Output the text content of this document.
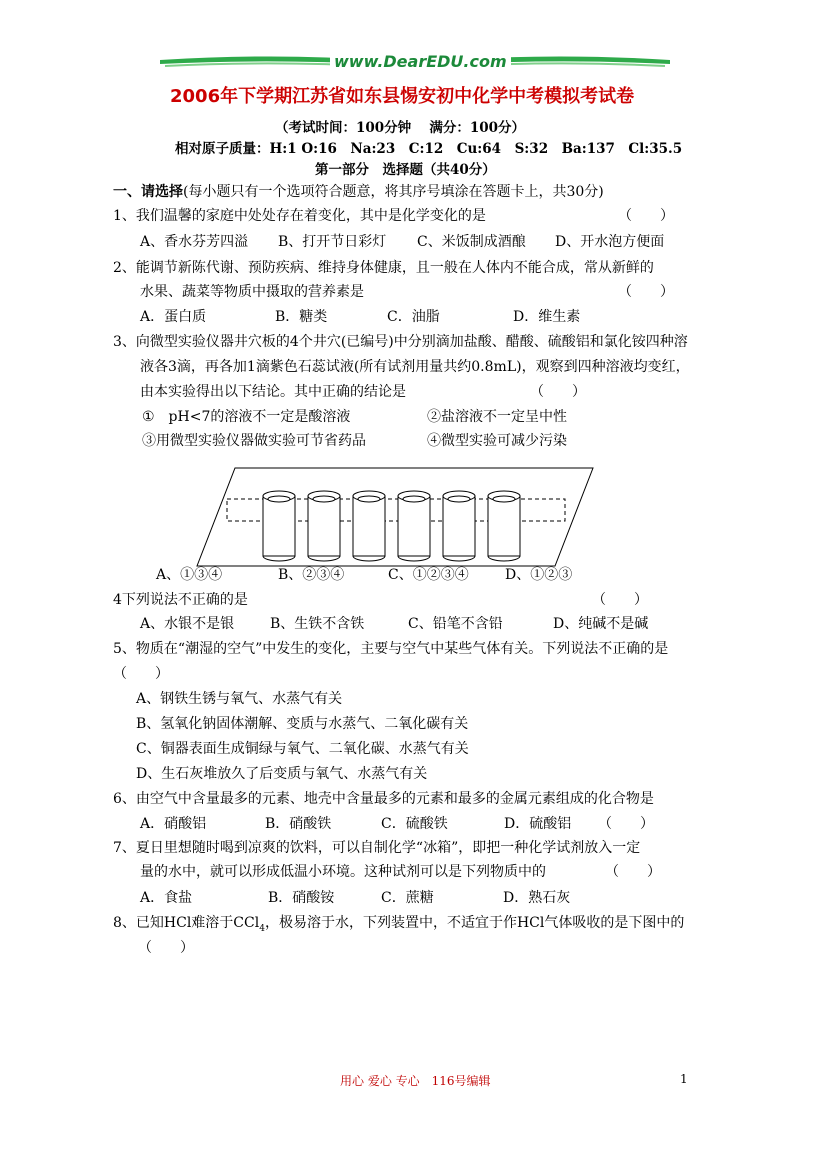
www.DearEDU.com
2006年下学期江苏省如东县惕安初中化学中考模拟考试卷
（考试时间：100分钟　 满分：100分）
相对原子质量：H:1 O:16　Na:23　C:12　Cu:64　S:32　Ba:137　Cl:35.5
第一部分　选择题（共40分）
一、请选择(每小题只有一个选项符合题意，将其序号填涂在答题卡上，共30分)
1、我们温馨的家庭中处处存在着变化，其中是化学变化的是	（　　）
A、香水芬芳四溢 B、打开节日彩灯 C、米饭制成酒酿 D、开水泡方便面
2、能调节新陈代谢、预防疾病、维持身体健康，且一般在人体内不能合成，常从新鲜的
水果、蔬菜等物质中摄取的营养素是	（　　）
A．蛋白质	B．糖类	C．油脂	D．维生素
3、向微型实验仪器井穴板的4个井穴(已编号)中分别滴加盐酸、醋酸、硫酸铝和氯化铵四种溶
液各3滴，再各加1滴紫色石蕊试液(所有试剂用量共约0.8mL)，观察到四种溶液均变红，
由本实验得出以下结论。其中正确的结论是	（　　）
①　pH<7的溶液不一定是酸溶液	②盐溶液不一定呈中性
③用微型实验仪器做实验可节省药品	④微型实验可减少污染
A、①③④	B、②③④	C、①②③④	D、①②③
4下列说法不正确的是	（　　）
A、水银不是银	B、生铁不含铁	C、铅笔不含铅	D、纯碱不是碱
5、物质在“潮湿的空气”中发生的变化，主要与空气中某些气体有关。下列说法不正确的是
（　　）
A、钢铁生锈与氧气、水蒸气有关
B、氢氧化钠固体潮解、变质与水蒸气、二氧化碳有关
C、铜器表面生成铜绿与氧气、二氧化碳、水蒸气有关
D、生石灰堆放久了后变质与氧气、水蒸气有关
6、由空气中含量最多的元素、地壳中含量最多的元素和最多的金属元素组成的化合物是
A．硝酸铝	B．硝酸铁	C．硫酸铁	D．硫酸铝 （　　）
7、夏日里想随时喝到凉爽的饮料，可以自制化学“冰箱”，即把一种化学试剂放入一定
量的水中，就可以形成低温小环境。这种试剂可以是下列物质中的	（　　）
A．食盐	B．硝酸铵	C．蔗糖	D．熟石灰
8、已知HCl难溶于CCl$_4$，极易溶于水，下列装置中，不适宜于作HCl气体吸收的是下图中的
（　　）
用心 爱心 专心　116号编辑	1
